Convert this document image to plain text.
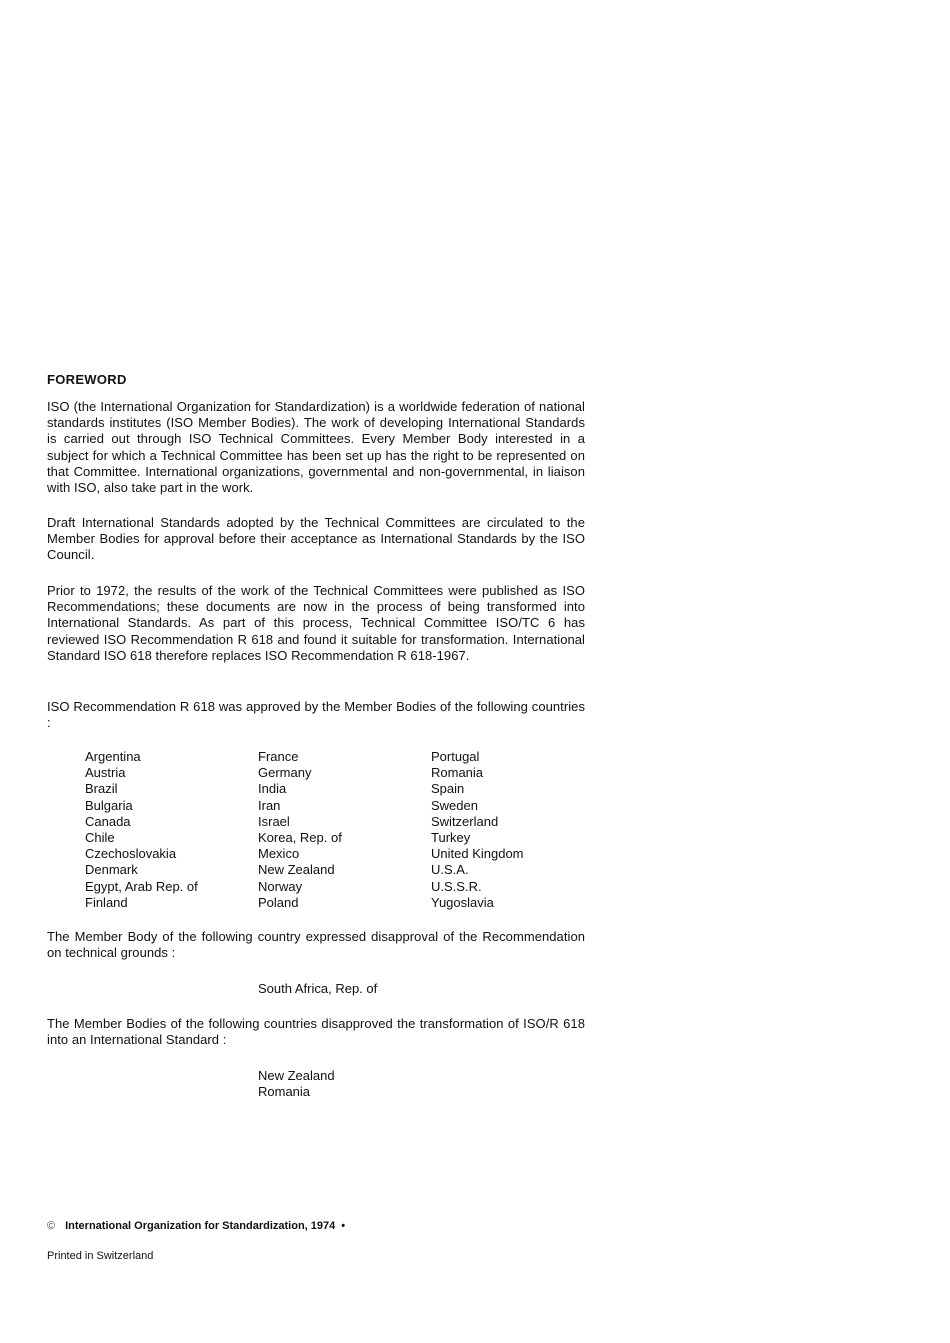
FOREWORD

ISO (the International Organization for Standardization) is a worldwide federation of national standards institutes (ISO Member Bodies). The work of developing International Standards is carried out through ISO Technical Committees. Every Member Body interested in a subject for which a Technical Committee has been set up has the right to be represented on that Committee. International organizations, governmental and non-governmental, in liaison with ISO, also take part in the work.

Draft International Standards adopted by the Technical Committees are circulated to the Member Bodies for approval before their acceptance as International Standards by the ISO Council.

Prior to 1972, the results of the work of the Technical Committees were published as ISO Recommendations; these documents are now in the process of being transformed into International Standards. As part of this process, Technical Committee ISO/TC 6 has reviewed ISO Recommendation R 618 and found it suitable for transformation. International Standard ISO 618 therefore replaces ISO Recommendation R 618-1967.

ISO Recommendation R 618 was approved by the Member Bodies of the following countries :

Argentina
Austria
Brazil
Bulgaria
Canada
Chile
Czechoslovakia
Denmark
Egypt, Arab Rep. of
Finland
France
Germany
India
Iran
Israel
Korea, Rep. of
Mexico
New Zealand
Norway
Poland
Portugal
Romania
Spain
Sweden
Switzerland
Turkey
United Kingdom
U.S.A.
U.S.S.R.
Yugoslavia

The Member Body of the following country expressed disapproval of the Recommendation on technical grounds :

South Africa, Rep. of

The Member Bodies of the following countries disapproved the transformation of ISO/R 618 into an International Standard :

New Zealand
Romania
© International Organization for Standardization, 1974 •
Printed in Switzerland
